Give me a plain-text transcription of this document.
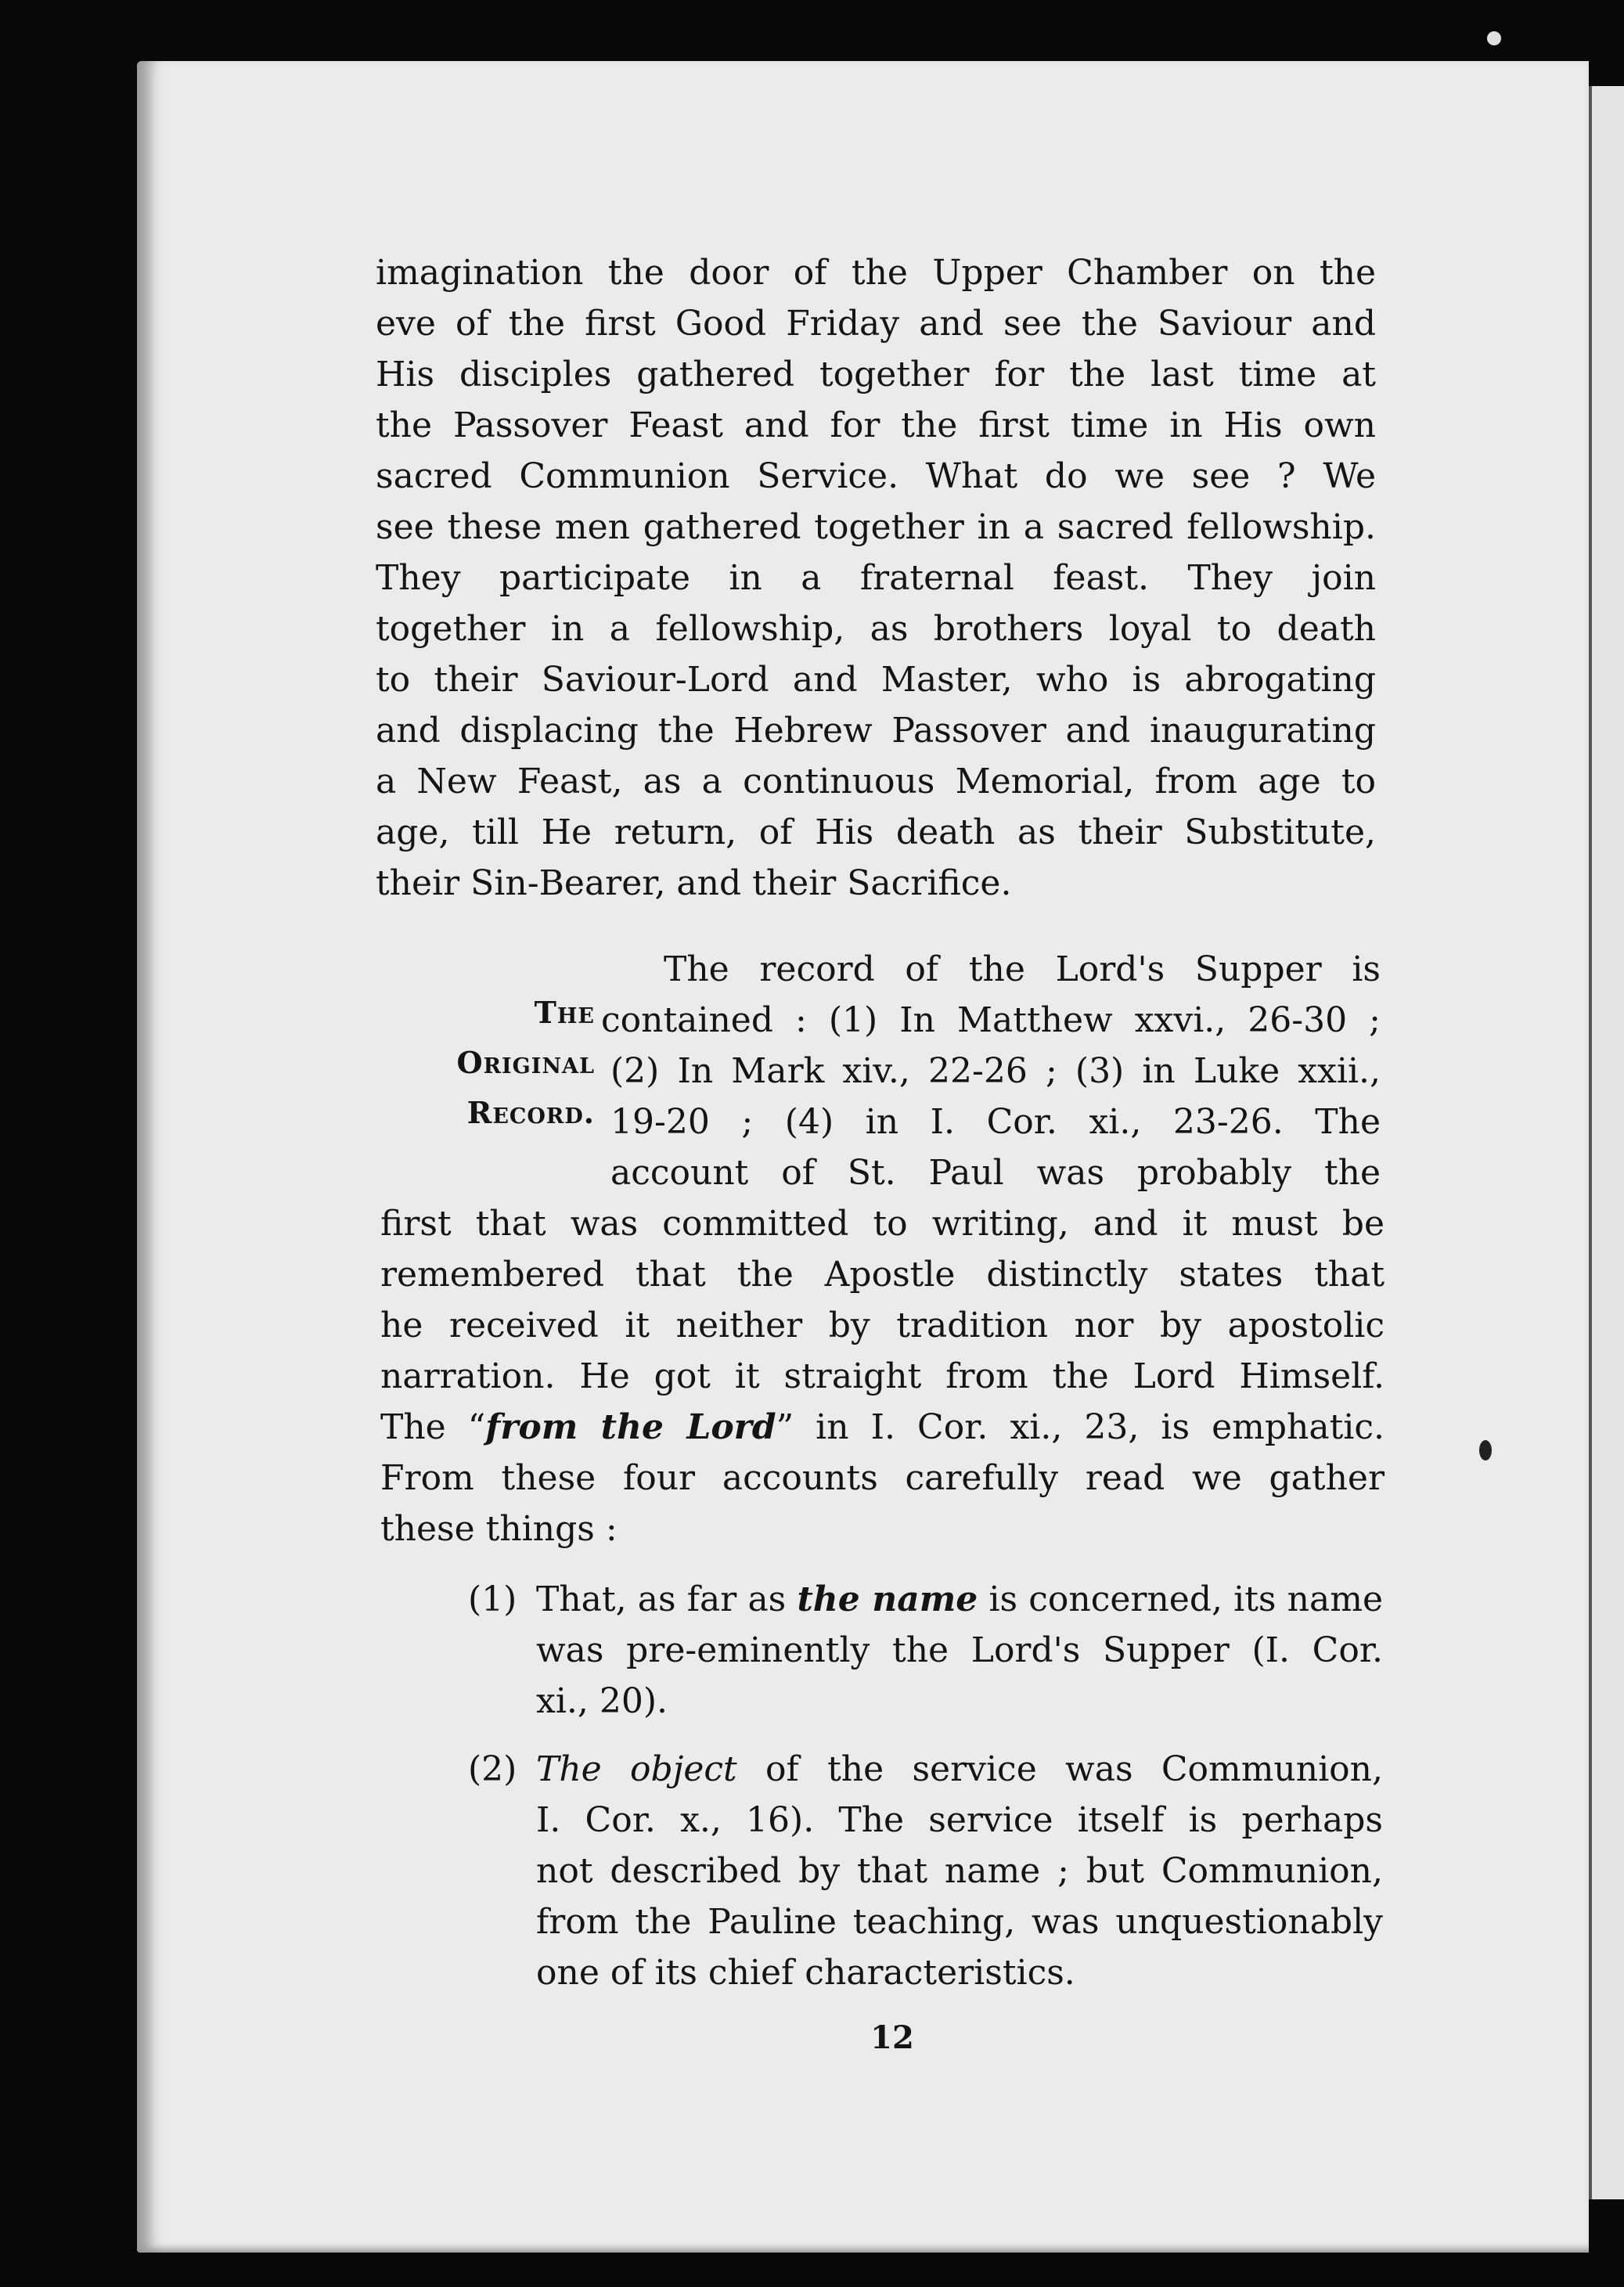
imagination the door of the Upper Chamber on the

eve of the first Good Friday and see the Saviour and

His disciples gathered together for the last time at

the Passover Feast and for the first time in His own

sacred Communion Service. What do we see ? We

see these men gathered together in a sacred fellowship.

They participate in a fraternal feast. They join

together in a fellowship, as brothers loyal to death

to their Saviour-Lord and Master, who is abrogating

and displacing the Hebrew Passover and inaugurating

a New Feast, as a continuous Memorial, from age to

age, till He return, of His death as their Substitute,

their Sin-Bearer, and their Sacrifice.

The
Original
Record.

The record of the Lord's Supper is

contained : (1) In Matthew xxvi., 26-30 ;

(2) In Mark xiv., 22-26 ; (3) in Luke xxii.,

19-20 ; (4) in I. Cor. xi., 23-26. The

account of St. Paul was probably the

first that was committed to writing, and it must be

remembered that the Apostle distinctly states that

he received it neither by tradition nor by apostolic

narration. He got it straight from the Lord Himself.

The “from the Lord” in I. Cor. xi., 23, is emphatic.

From these four accounts carefully read we gather

these things :

(1) That, as far as the name is concerned, its name

was pre-eminently the Lord's Supper (I. Cor.

xi., 20).

(2) The object of the service was Communion,

I. Cor. x., 16). The service itself is perhaps

not described by that name ; but Communion,

from the Pauline teaching, was unquestionably

one of its chief characteristics.

12
